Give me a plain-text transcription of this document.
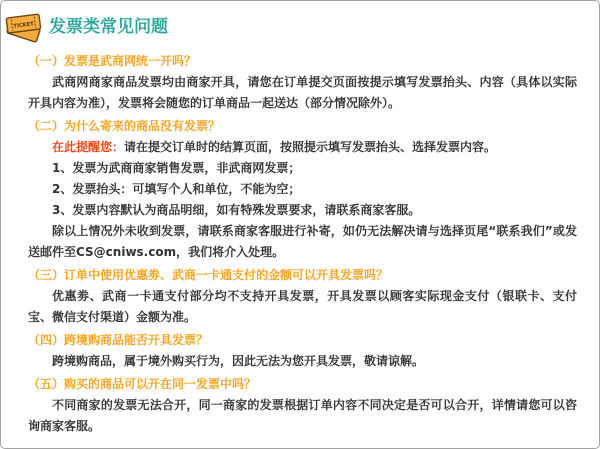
TICKET 发票类常见问题

（一）发票是武商网统一开吗？

武商网商家商品发票均由商家开具，请您在订单提交页面按提示填写发票抬头、内容（具体以实际开具内容为准），发票将会随您的订单商品一起送达（部分情况除外）。

（二）为什么寄来的商品没有发票？

在此提醒您：请在提交订单时的结算页面，按照提示填写发票抬头、选择发票内容。

1、发票为武商商家销售发票，非武商网发票；

2、发票抬头：可填写个人和单位，不能为空；

3、发票内容默认为商品明细，如有特殊发票要求，请联系商家客服。

除以上情况外未收到发票，请联系商家客服进行补寄，如仍无法解决请与选择页尾“联系我们”或发送邮件至CS@cniws.com，我们将介入处理。

（三）订单中使用优惠劵、武商一卡通支付的金额可以开具发票吗？

优惠劵、武商一卡通支付部分均不支持开具发票，开具发票以顾客实际现金支付（银联卡、支付宝、微信支付渠道）金额为准。

（四）跨境购商品能否开具发票？

跨境购商品，属于境外购买行为，因此无法为您开具发票，敬请谅解。

（五）购买的商品可以开在同一发票中吗？

不同商家的发票无法合开，同一商家的发票根据订单内容不同决定是否可以合开，详情请您可以咨询商家客服。
